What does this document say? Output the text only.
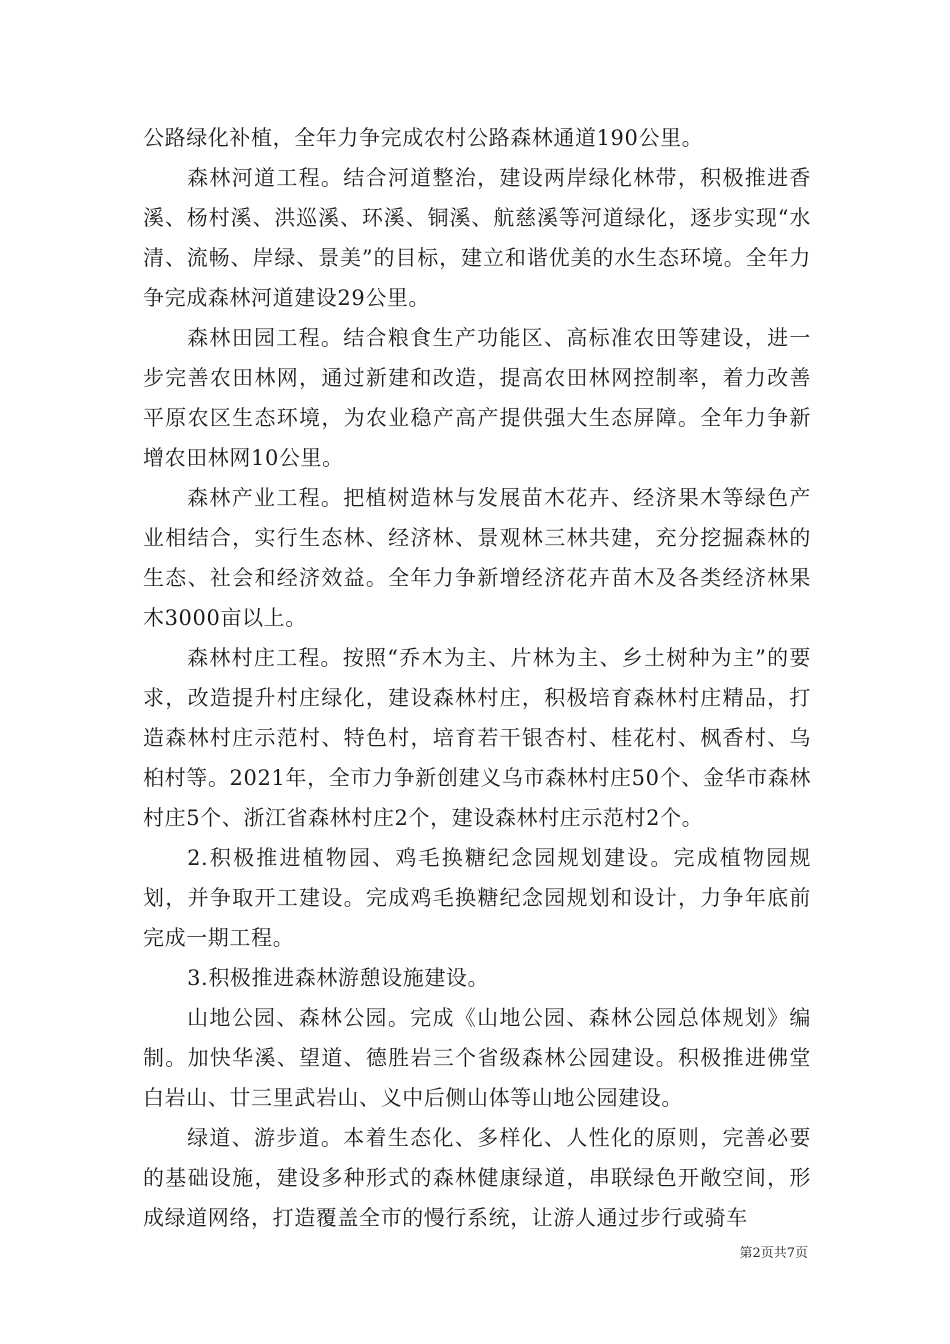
公路绿化补植，全年力争完成农村公路森林通道190公里。

森林河道工程。结合河道整治，建设两岸绿化林带，积极推进香溪、杨村溪、洪巡溪、环溪、铜溪、航慈溪等河道绿化，逐步实现“水清、流畅、岸绿、景美”的目标，建立和谐优美的水生态环境。全年力争完成森林河道建设29公里。

森林田园工程。结合粮食生产功能区、高标准农田等建设，进一步完善农田林网，通过新建和改造，提高农田林网控制率，着力改善平原农区生态环境，为农业稳产高产提供强大生态屏障。全年力争新增农田林网10公里。

森林产业工程。把植树造林与发展苗木花卉、经济果木等绿色产业相结合，实行生态林、经济林、景观林三林共建，充分挖掘森林的生态、社会和经济效益。全年力争新增经济花卉苗木及各类经济林果木3000亩以上。

森林村庄工程。按照“乔木为主、片林为主、乡土树种为主”的要求，改造提升村庄绿化，建设森林村庄，积极培育森林村庄精品，打造森林村庄示范村、特色村，培育若干银杏村、桂花村、枫香村、乌桕村等。2021年，全市力争新创建义乌市森林村庄50个、金华市森林村庄5个、浙江省森林村庄2个，建设森林村庄示范村2个。

2.积极推进植物园、鸡毛换糖纪念园规划建设。完成植物园规划，并争取开工建设。完成鸡毛换糖纪念园规划和设计，力争年底前完成一期工程。

3.积极推进森林游憩设施建设。

山地公园、森林公园。完成《山地公园、森林公园总体规划》编制。加快华溪、望道、德胜岩三个省级森林公园建设。积极推进佛堂白岩山、廿三里武岩山、义中后侧山体等山地公园建设。

绿道、游步道。本着生态化、多样化、人性化的原则，完善必要的基础设施，建设多种形式的森林健康绿道，串联绿色开敞空间，形成绿道网络，打造覆盖全市的慢行系统，让游人通过步行或骑车

第2页共7页
